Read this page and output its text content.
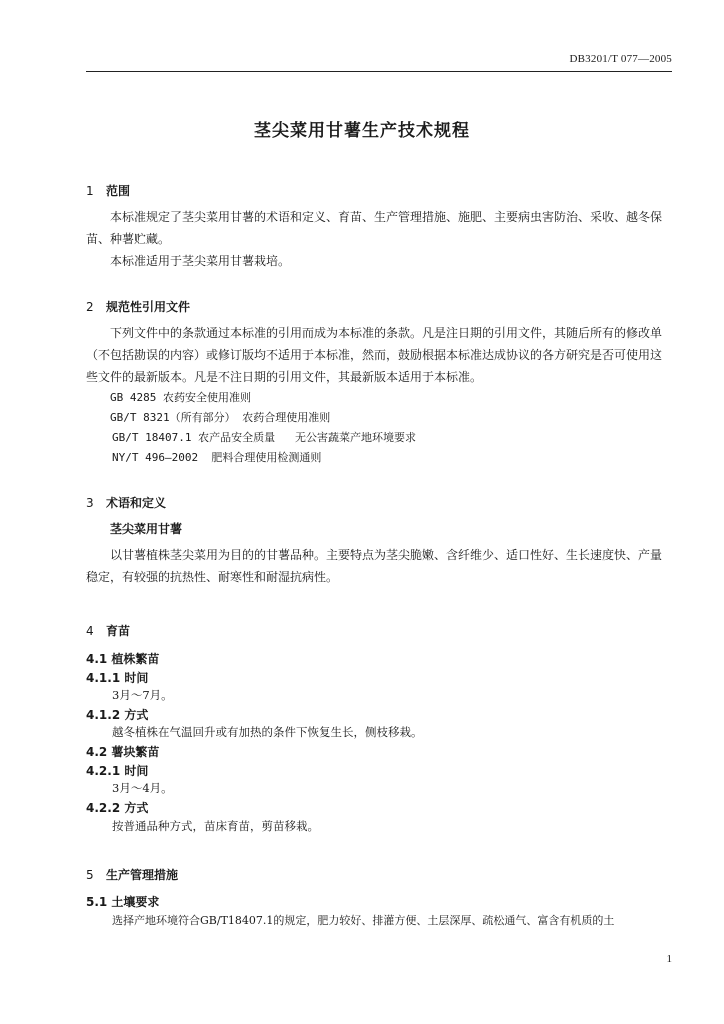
DB3201/T 077—2005
茎尖菜用甘薯生产技术规程
1 范围
本标准规定了茎尖菜用甘薯的术语和定义、育苗、生产管理措施、施肥、主要病虫害防治、采收、越冬保苗、种薯贮藏。
本标准适用于茎尖菜用甘薯栽培。
2 规范性引用文件
下列文件中的条款通过本标准的引用而成为本标准的条款。凡是注日期的引用文件，其随后所有的修改单（不包括勘误的内容）或修订版均不适用于本标准，然而，鼓励根据本标准达成协议的各方研究是否可使用这些文件的最新版本。凡是不注日期的引用文件，其最新版本适用于本标准。
GB 4285 农药安全使用准则
GB/T 8321（所有部分） 农药合理使用准则
GB/T 18407.1 农产品安全质量   无公害蔬菜产地环境要求
NY/T 496—2002  肥料合理使用检测通则
3 术语和定义
茎尖菜用甘薯
以甘薯植株茎尖菜用为目的的甘薯品种。主要特点为茎尖脆嫩、含纤维少、适口性好、生长速度快、产量稳定，有较强的抗热性、耐寒性和耐湿抗病性。
4 育苗
4.1 植株繁苗
4.1.1 时间
3月～7月。
4.1.2 方式
越冬植株在气温回升或有加热的条件下恢复生长，侧枝移栽。
4.2 薯块繁苗
4.2.1 时间
3月～4月。
4.2.2 方式
按普通品种方式，苗床育苗，剪苗移栽。
5 生产管理措施
5.1 土壤要求
选择产地环境符合GB/T18407.1的规定，肥力较好、排灌方便、土层深厚、疏松通气、富含有机质的土
1
